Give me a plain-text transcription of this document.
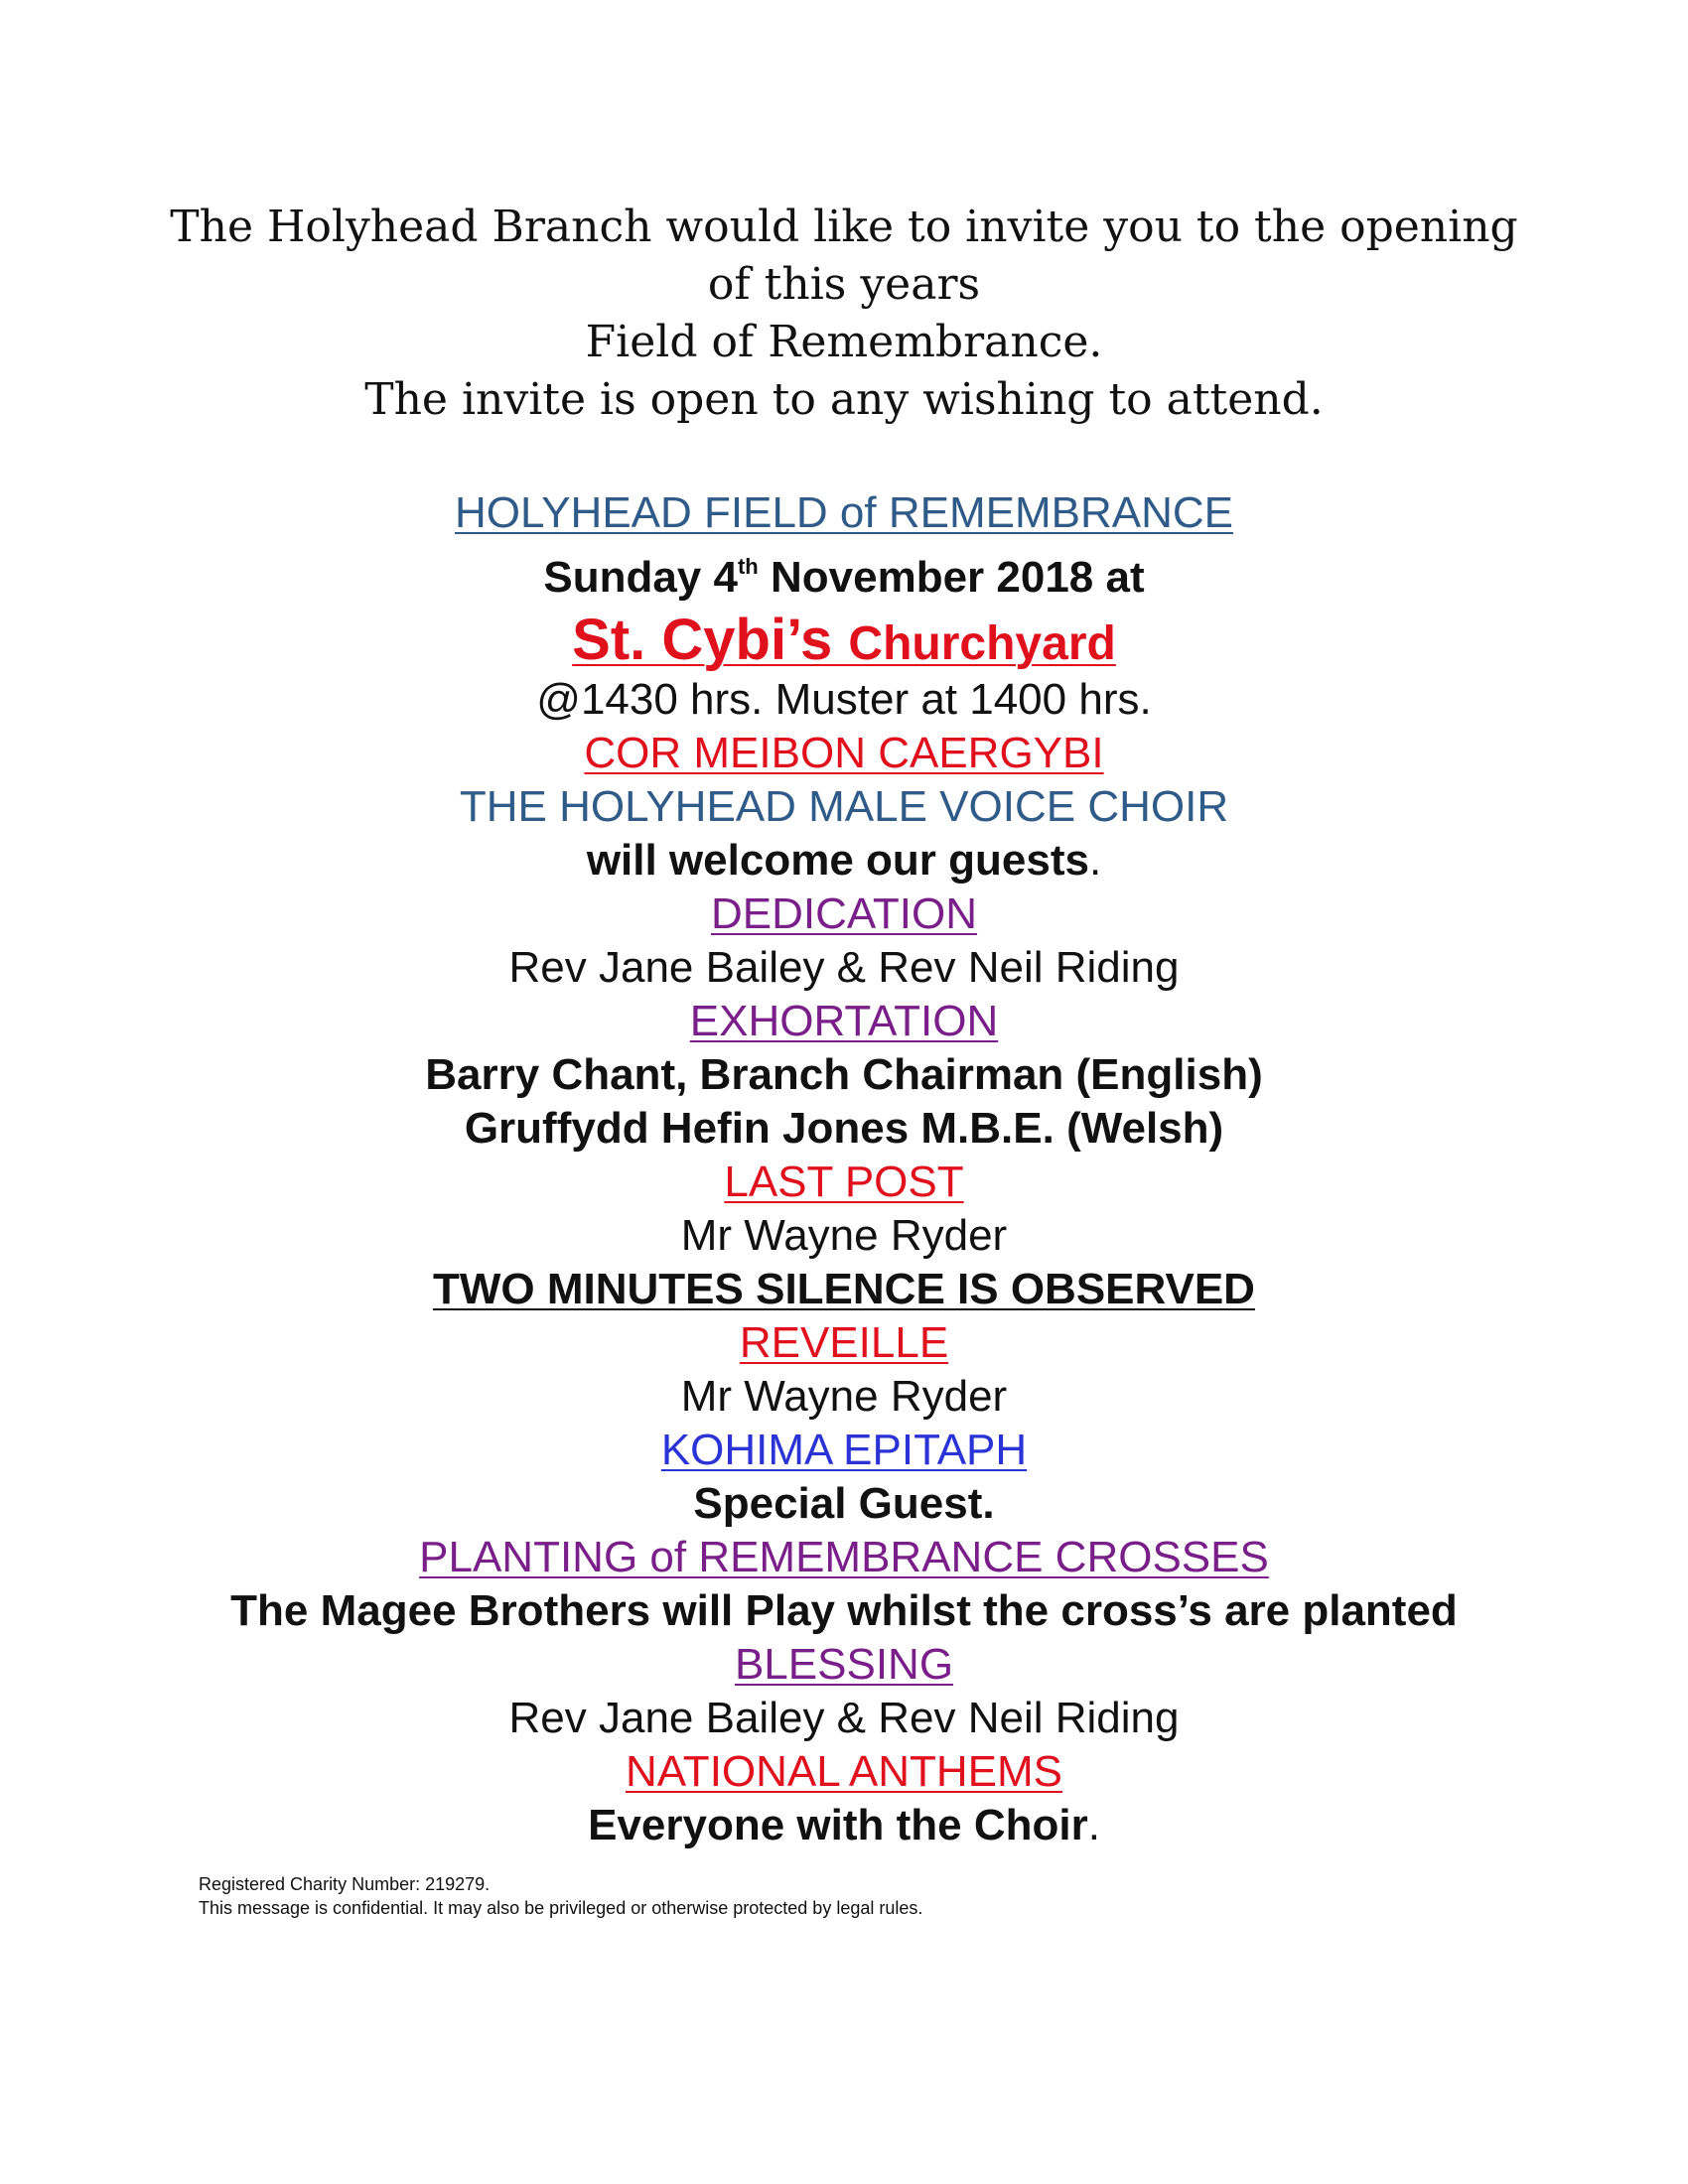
The Holyhead Branch would like to invite you to the opening
of this years
Field of Remembrance.
The invite is open to any wishing to attend.
HOLYHEAD FIELD of REMEMBRANCE
Sunday 4th November 2018 at
St. Cybi’s Churchyard
@1430 hrs. Muster at 1400 hrs.
COR MEIBON CAERGYBI
THE HOLYHEAD MALE VOICE CHOIR
will welcome our guests.
DEDICATION
Rev Jane Bailey & Rev Neil Riding
EXHORTATION
Barry Chant, Branch Chairman (English)
Gruffydd Hefin Jones M.B.E. (Welsh)
LAST POST
Mr Wayne Ryder
TWO MINUTES SILENCE IS OBSERVED
REVEILLE
Mr Wayne Ryder
KOHIMA EPITAPH
Special Guest.
PLANTING of REMEMBRANCE CROSSES
The Magee Brothers will Play whilst the cross’s are planted
BLESSING
Rev Jane Bailey & Rev Neil Riding
NATIONAL ANTHEMS
Everyone with the Choir.
Registered Charity Number: 219279.
This message is confidential. It may also be privileged or otherwise protected by legal rules.
